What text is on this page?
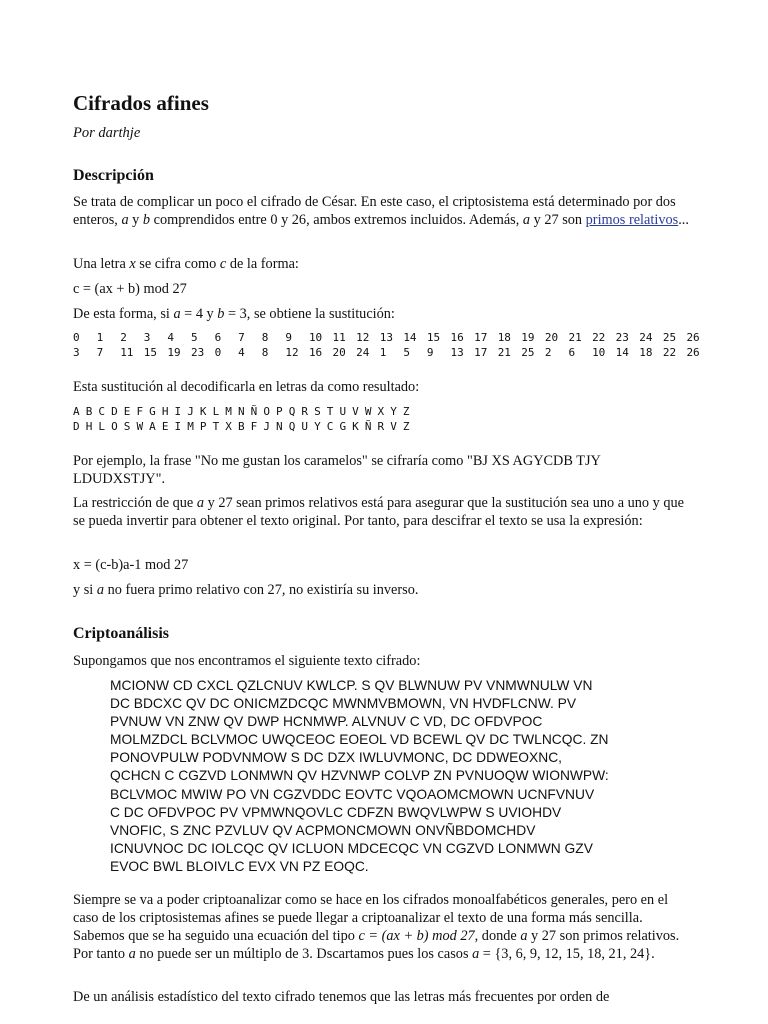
Cifrados afines
Por darthje
Descripción
Se trata de complicar un poco el cifrado de César. En este caso, el criptosistema está determinado por dos enteros, a y b comprendidos entre 0 y 26, ambos extremos incluidos. Además, a y 27 son primos relativos...
Una letra x se cifra como c de la forma:
c = (ax + b) mod 27
De esta forma, si a = 4 y b = 3, se obtiene la sustitución:
0	1	2	3	4	5	6	7	8	9	10 11 12 13 14 15 16 17 18 19 20 21 22 23 24 25 26
3	7	11 15 19 23 0	4	8	12 16 20 24 1	5	9	13 17 21 25 2	6	10 14 18 22 26
Esta sustitución al decodificarla en letras da como resultado:
A B C D E F G H I J K L M N Ñ O P Q R S T U V W X Y Z
D H L O S W A E I M P T X B F J N Q U Y C G K Ñ R V Z
Por ejemplo, la frase "No me gustan los caramelos" se cifraría como "BJ XS AGYCDB TJY LDUDXSTJY".
La restricción de que a y 27 sean primos relativos está para asegurar que la sustitución sea uno a uno y que se pueda invertir para obtener el texto original. Por tanto, para descifrar el texto se usa la expresión:
x = (c-b)a-1 mod 27
y si a no fuera primo relativo con 27, no existiría su inverso.
Criptoanálisis
Supongamos que nos encontramos el siguiente texto cifrado:
MCIONW CD CXCL QZLCNUV KWLCP. S QV BLWNUW PV VNMWNULW VN
DC BDCXC QV DC ONICMZDCQC MWNMVBMOWN, VN HVDFLCNW. PV
PVNUW VN ZNW QV DWP HCNMWP. ALVNUV C VD, DC OFDVPOC
MOLMZDCL BCLVMOC UWQCEOC EOEOL VD BCEWL QV DC TWLNCQC. ZN
PONOVPULW PODVNMOW S DC DZX IWLUVMONC, DC DDWEOXNC,
QCHCN C CGZVD LONMWN QV HZVNWP COLVP ZN PVNUOQW WIONWPW:
BCLVMOC MWIW PO VN CGZVDDC EOVTC VQOAOMCMOWN UCNFVNUV
C DC OFDVPOC PV VPMWNQOVLC CDFZN BWQVLWPW S UVIOHDV
VNOFIC, S ZNC PZVLUV QV ACPMONCMOWN ONVÑBDOMCHDV
ICNUVNOC DC IOLCQC QV ICLUON MDCECQC VN CGZVD LONMWN GZV
EVOC BWL BLOIVLC EVX VN PZ EOQC.
Siempre se va a poder criptoanalizar como se hace en los cifrados monoalfabéticos generales, pero en el caso de los criptosistemas afines se puede llegar a criptoanalizar el texto de una forma más sencilla. Sabemos que se ha seguido una ecuación del tipo c = (ax + b) mod 27, donde a y 27 son primos relativos. Por tanto a no puede ser un múltiplo de 3. Dscartamos pues los casos a = {3, 6, 9, 12, 15, 18, 21, 24}.
De un análisis estadístico del texto cifrado tenemos que las letras más frecuentes por orden de
